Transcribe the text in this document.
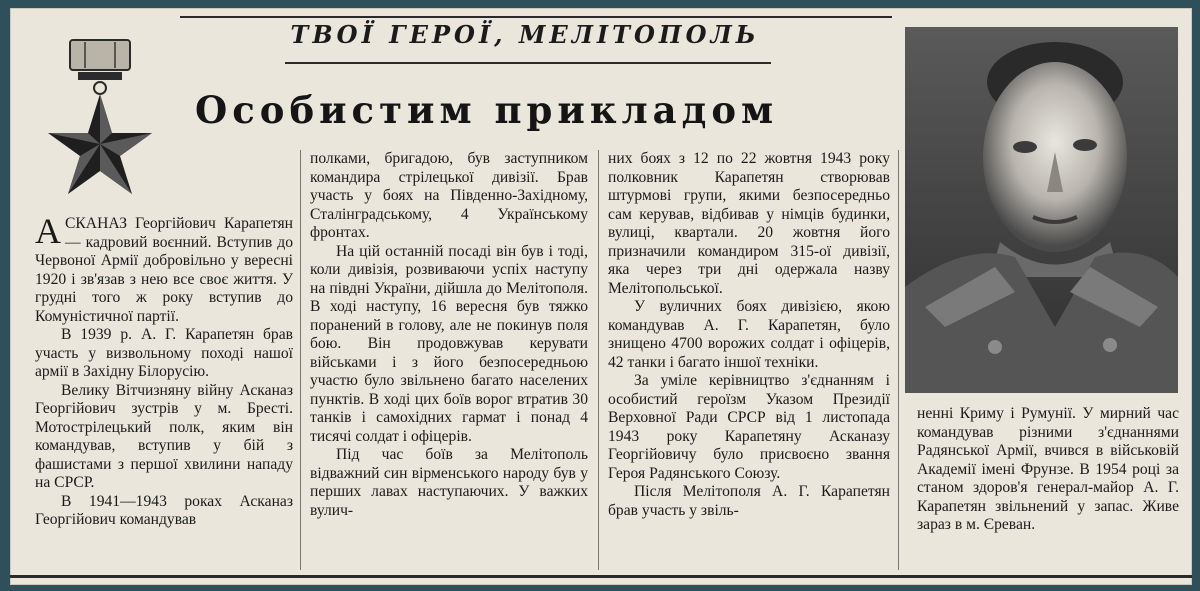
ТВОЇ ГЕРОЇ, МЕЛІТОПОЛЬ
Особистим прикладом

АСКАНАЗ Георгійович Карапетян — кадровий воєнний. Вступив до Червоної Армії добровільно у вересні 1920 і зв'язав з нею все своє життя. У грудні того ж року вступив до Комуністичної партії.

В 1939 р. А. Г. Карапетян брав участь у визвольному поході нашої армії в Західну Білорусію.

Велику Вітчизняну війну Асканаз Георгійович зустрів у м. Бресті. Мотострілецький полк, яким він командував, вступив у бій з фашистами з першої хвилини нападу на СРСР.

В 1941—1943 роках Асканаз Георгійович командував

полками, бригадою, був заступником командира стрілецької дивізії. Брав участь у боях на Південно-Західному, Сталінградському, 4 Українському фронтах.

На цій останній посаді він був і тоді, коли дивізія, розвиваючи успіх наступу на півдні України, дійшла до Мелітополя. В ході наступу, 16 вересня був тяжко поранений в голову, але не покинув поля бою. Він продовжував керувати військами і з його безпосередньою участю було звільнено багато населених пунктів. В ході цих боїв ворог втратив 30 танків і самохідних гармат і понад 4 тисячі солдат і офіцерів.

Під час боїв за Мелітополь відважний син вірменського народу був у перших лавах наступаючих. У важких вулич-

них боях з 12 по 22 жовтня 1943 року полковник Карапетян створював штурмові групи, якими безпосередньо сам керував, відбивав у німців будинки, вулиці, квартали. 20 жовтня його призначили командиром 315-ої дивізії, яка через три дні одержала назву Мелітопольської.

У вуличних боях дивізією, якою командував А. Г. Карапетян, було знищено 4700 ворожих солдат і офіцерів, 42 танки і багато іншої техніки.

За уміле керівництво з'єднанням і особистий героїзм Указом Президії Верховної Ради СРСР від 1 листопада 1943 року Карапетяну Асканазу Георгійовичу було присвоєно звання Героя Радянського Союзу.

Після Мелітополя А. Г. Карапетян брав участь у звіль-

ненні Криму і Румунії. У мирний час командував різними з'єднаннями Радянської Армії, вчився в військовій Академії імені Фрунзе. В 1954 році за станом здоров'я генерал-майор А. Г. Карапетян звільнений у запас. Живе зараз в м. Єреван.
